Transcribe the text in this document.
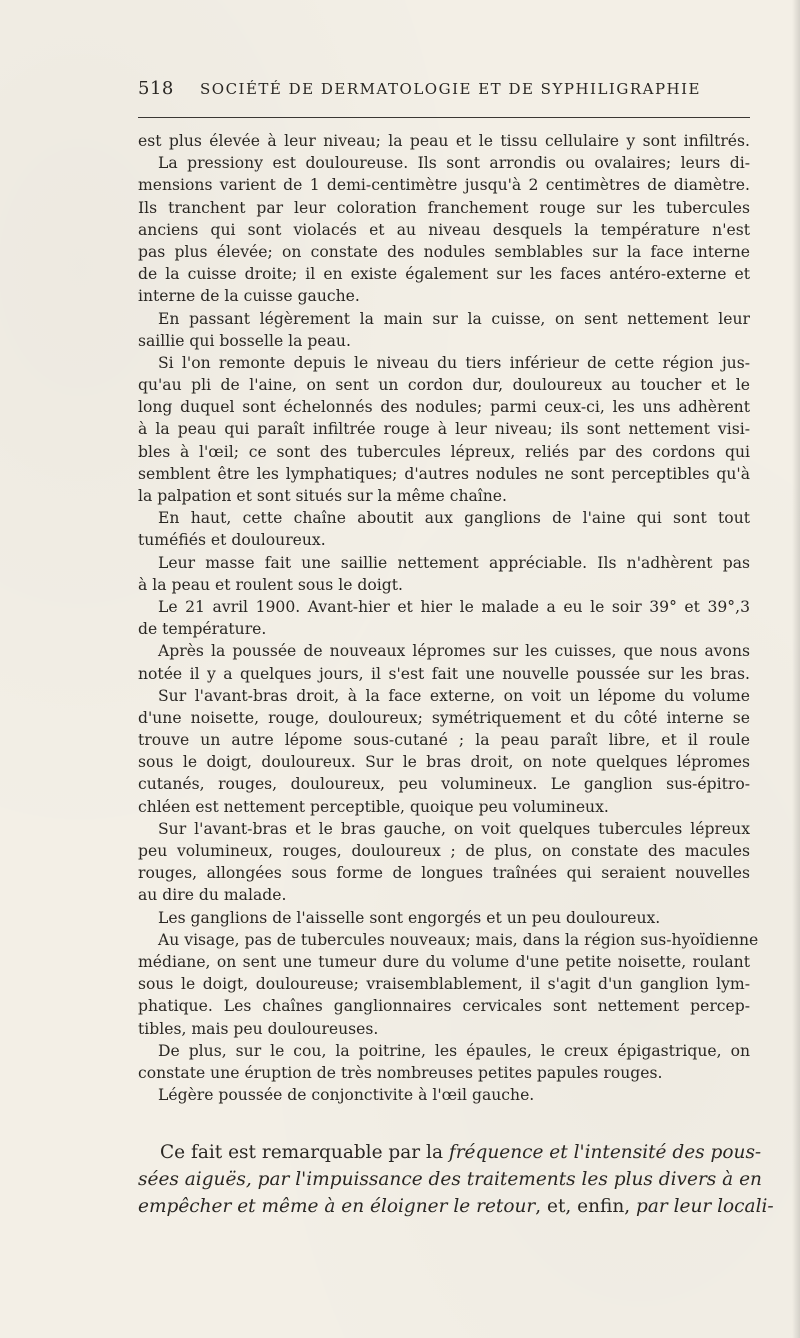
518 SOCIÉTÉ DE DERMATOLOGIE ET DE SYPHILIGRAPHIE
est plus élevée à leur niveau; la peau et le tissu cellulaire y sont infiltrés.
La pressiony est douloureuse. Ils sont arrondis ou ovalaires; leurs di-
mensions varient de 1 demi-centimètre jusqu'à 2 centimètres de diamètre.
Ils tranchent par leur coloration franchement rouge sur les tubercules
anciens qui sont violacés et au niveau desquels la température n'est
pas plus élevée; on constate des nodules semblables sur la face interne
de la cuisse droite; il en existe également sur les faces antéro-externe et
interne de la cuisse gauche.
En passant légèrement la main sur la cuisse, on sent nettement leur
saillie qui bosselle la peau.
Si l'on remonte depuis le niveau du tiers inférieur de cette région jus-
qu'au pli de l'aine, on sent un cordon dur, douloureux au toucher et le
long duquel sont échelonnés des nodules; parmi ceux-ci, les uns adhèrent
à la peau qui paraît infiltrée rouge à leur niveau; ils sont nettement visi-
bles à l'œil; ce sont des tubercules lépreux, reliés par des cordons qui
semblent être les lymphatiques; d'autres nodules ne sont perceptibles qu'à
la palpation et sont situés sur la même chaîne.
En haut, cette chaîne aboutit aux ganglions de l'aine qui sont tout
tuméfiés et douloureux.
Leur masse fait une saillie nettement appréciable. Ils n'adhèrent pas
à la peau et roulent sous le doigt.
Le 21 avril 1900. Avant-hier et hier le malade a eu le soir 39° et 39°,3
de température.
Après la poussée de nouveaux lépromes sur les cuisses, que nous avons
notée il y a quelques jours, il s'est fait une nouvelle poussée sur les bras.
Sur l'avant-bras droit, à la face externe, on voit un lépome du volume
d'une noisette, rouge, douloureux; symétriquement et du côté interne se
trouve un autre lépome sous-cutané ; la peau paraît libre, et il roule
sous le doigt, douloureux. Sur le bras droit, on note quelques lépromes
cutanés, rouges, douloureux, peu volumineux. Le ganglion sus-épitro-
chléen est nettement perceptible, quoique peu volumineux.
Sur l'avant-bras et le bras gauche, on voit quelques tubercules lépreux
peu volumineux, rouges, douloureux ; de plus, on constate des macules
rouges, allongées sous forme de longues traînées qui seraient nouvelles
au dire du malade.
Les ganglions de l'aisselle sont engorgés et un peu douloureux.
Au visage, pas de tubercules nouveaux; mais, dans la région sus-hyoïdienne
médiane, on sent une tumeur dure du volume d'une petite noisette, roulant
sous le doigt, douloureuse; vraisemblablement, il s'agit d'un ganglion lym-
phatique. Les chaînes ganglionnaires cervicales sont nettement percep-
tibles, mais peu douloureuses.
De plus, sur le cou, la poitrine, les épaules, le creux épigastrique, on
constate une éruption de très nombreuses petites papules rouges.
Légère poussée de conjonctivite à l'œil gauche.
Ce fait est remarquable par la fréquence et l'intensité des pous-
sées aiguës, par l'impuissance des traitements les plus divers à en
empêcher et même à en éloigner le retour, et, enfin, par leur locali-
